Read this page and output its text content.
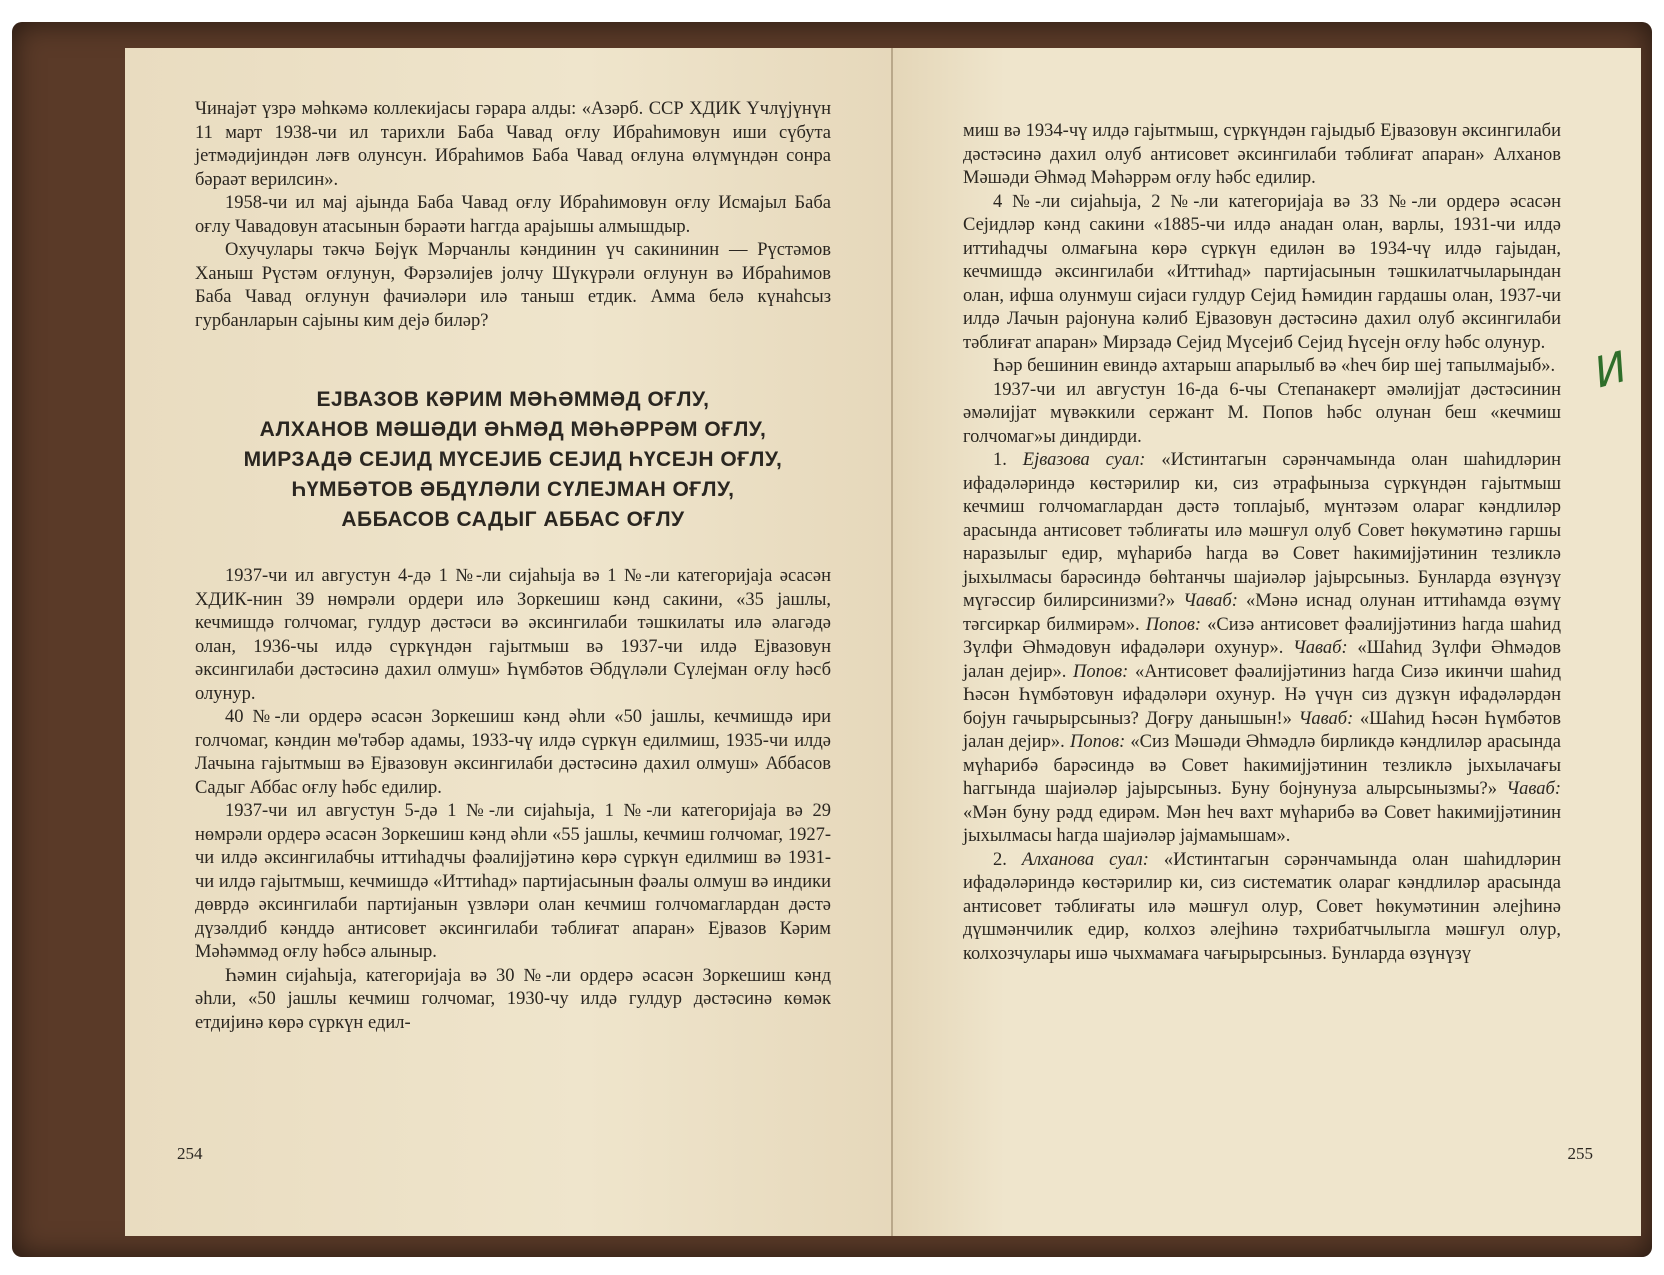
Чинајәт үзрә мәһкәмә коллекијасы гәрара алды: «Азәрб. ССР ХДИК Үчлүјүнүн 11 март 1938-чи ил тарихли Баба Чавад оғлу Ибраһимовун иши сүбута јетмәдијиндән ләғв олунсун. Ибраһимов Баба Чавад оғлуна өлүмүндән сонра бәраәт верилсин».

1958-чи ил мај ајында Баба Чавад оғлу Ибраһимовун оғлу Исмајыл Баба оғлу Чавадовун атасынын бәраәти һаггда арајышы алмышдыр.

Охучулары тәкчә Бөјүк Мәрчанлы кәндинин үч сакининин — Рүстәмов Ханыш Рүстәм оғлунун, Фәрзәлијев јолчу Шүкүрәли оғлунун вә Ибраһимов Баба Чавад оғлунун фачиәләри илә таныш етдик. Амма белә күнаһсыз гурбанларын сајыны ким дејә биләр?

ЕЈВАЗОВ КӘРИМ МӘҺӘММӘД ОҒЛУ,
АЛХАНОВ МӘШӘДИ ӘҺМӘД МӘҺӘРРӘМ ОҒЛУ,
МИРЗАДӘ СЕЈИД МҮСЕЈИБ СЕЈИД ҺҮСЕЈН ОҒЛУ,
ҺҮМБӘТОВ ӘБДҮЛӘЛИ СҮЛЕЈМАН ОҒЛУ,
АББАСОВ САДЫГ АББАС ОҒЛУ

1937-чи ил августун 4-дә 1 №-ли сијаһыја вә 1 №-ли категоријаја әсасән ХДИК-нин 39 нөмрәли ордери илә Зоркешиш кәнд сакини, «35 јашлы, кечмишдә голчомаг, гулдур дәстәси вә әксингилаби тәшкилаты илә әлагәдә олан, 1936-чы илдә сүркүндән гајытмыш вә 1937-чи илдә Ејвазовун әксингилаби дәстәсинә дахил олмуш» Һүмбәтов Әбдүләли Сүлејман оғлу һәсб олунур.

40 №-ли ордерә әсасән Зоркешиш кәнд әһли «50 јашлы, кечмишдә ири голчомаг, кәндин мө'тәбәр адамы, 1933-чү илдә сүркүн едилмиш, 1935-чи илдә Лачына гајытмыш вә Ејвазовун әксингилаби дәстәсинә дахил олмуш» Аббасов Садыг Аббас оғлу һәбс едилир.

1937-чи ил августун 5-дә 1 №-ли сијаһыја, 1 №-ли категоријаја вә 29 нөмрәли ордерә әсасән Зоркешиш кәнд әһли «55 јашлы, кечмиш голчомаг, 1927-чи илдә әксингилабчы иттиһадчы фәалијјәтинә көрә сүркүн едилмиш вә 1931-чи илдә гајытмыш, кечмишдә «Иттиһад» партијасынын фәалы олмуш вә индики дөврдә әксингилаби партијанын үзвләри олан кечмиш голчомаглардан дәстә дүзәлдиб кәнддә антисовет әксингилаби тәблиғат апаран» Ејвазов Кәрим Мәһәммәд оғлу һәбсә алыныр.

Һәмин сијаһыја, категоријаја вә 30 №-ли ордерә әсасән Зоркешиш кәнд әһли, «50 јашлы кечмиш голчомаг, 1930-чу илдә гулдур дәстәсинә көмәк етдијинә көрә сүркүн едил-

254

миш вә 1934-чү илдә гајытмыш, сүркүндән гајыдыб Ејвазовун әксингилаби дәстәсинә дахил олуб антисовет әксингилаби тәблиғат апаран» Алханов Мәшәди Әһмәд Мәһәррәм оғлу һәбс едилир.

4 №-ли сијаһыја, 2 №-ли категоријаја вә 33 №-ли ордерә әсасән Сејидләр кәнд сакини «1885-чи илдә анадан олан, варлы, 1931-чи илдә иттиһадчы олмағына көрә сүркүн едилән вә 1934-чү илдә гајыдан, кечмишдә әксингилаби «Иттиһад» партијасынын тәшкилатчыларындан олан, ифша олунмуш сијаси гулдур Сејид Һәмидин гардашы олан, 1937-чи илдә Лачын рајонуна кәлиб Ејвазовун дәстәсинә дахил олуб әксингилаби тәблиғат апаран» Мирзадә Сејид Мүсејиб Сејид Һүсејн оғлу һәбс олунур.

Һәр бешинин евиндә ахтарыш апарылыб вә «һеч бир шеј тапылмајыб».

1937-чи ил августун 16-да 6-чы Степанакерт әмәлијјат дәстәсинин әмәлијјат мүвәккили сержант М. Попов һәбс олунан беш «кечмиш голчомаг»ы диндирди.

1. Ејвазова суал: «Истинтагын сәрәнчамында олан шаһидләрин ифадәләриндә көстәрилир ки, сиз әтрафыныза сүркүндән гајытмыш кечмиш голчомаглардан дәстә топлајыб, мүнтәзәм олараг кәндлиләр арасында антисовет тәблиғаты илә мәшғул олуб Совет һөкумәтинә гаршы наразылыг едир, мүһарибә һагда вә Совет һакимијјәтинин тезликлә јыхылмасы барәсиндә бөһтанчы шајиәләр јајырсыныз. Бунларда өзүнүзү мүгәссир билирсинизми?» Чаваб: «Мәнә иснад олунан иттиһамда өзүмү тәгсиркар билмирәм». Попов: «Сизә антисовет фәалијјәтиниз һагда шаһид Зүлфи Әһмәдовун ифадәләри охунур». Чаваб: «Шаһид Зүлфи Әһмәдов јалан дејир». Попов: «Антисовет фәалијјәтиниз һагда Сизә икинчи шаһид Һәсән Һүмбәтовун ифадәләри охунур. Нә үчүн сиз дүзкүн ифадәләрдән бојун гачырырсыныз? Доғру данышын!» Чаваб: «Шаһид Һәсән Һүмбәтов јалан дејир». Попов: «Сиз Мәшәди Әһмәдлә бирликдә кәндлиләр арасында мүһарибә барәсиндә вә Совет һакимијјәтинин тезликлә јыхылачағы һаггында шајиәләр јајырсыныз. Буну бојнунуза алырсынызмы?» Чаваб: «Мән буну рәдд едирәм. Мән һеч вахт мүһарибә вә Совет һакимијјәтинин јыхылмасы һагда шајиәләр јајмамышам».

2. Алханова суал: «Истинтагын сәрәнчамында олан шаһидләрин ифадәләриндә көстәрилир ки, сиз систематик олараг кәндлиләр арасында антисовет тәблиғаты илә мәшғул олур, Совет һөкумәтинин әлејһинә дүшмәнчилик едир, колхоз әлејһинә тәхрибатчылыгла мәшғул олур, колхозчулары ишә чыхмамаға чағырырсыныз. Бунларда өзүнүзү

255
И
